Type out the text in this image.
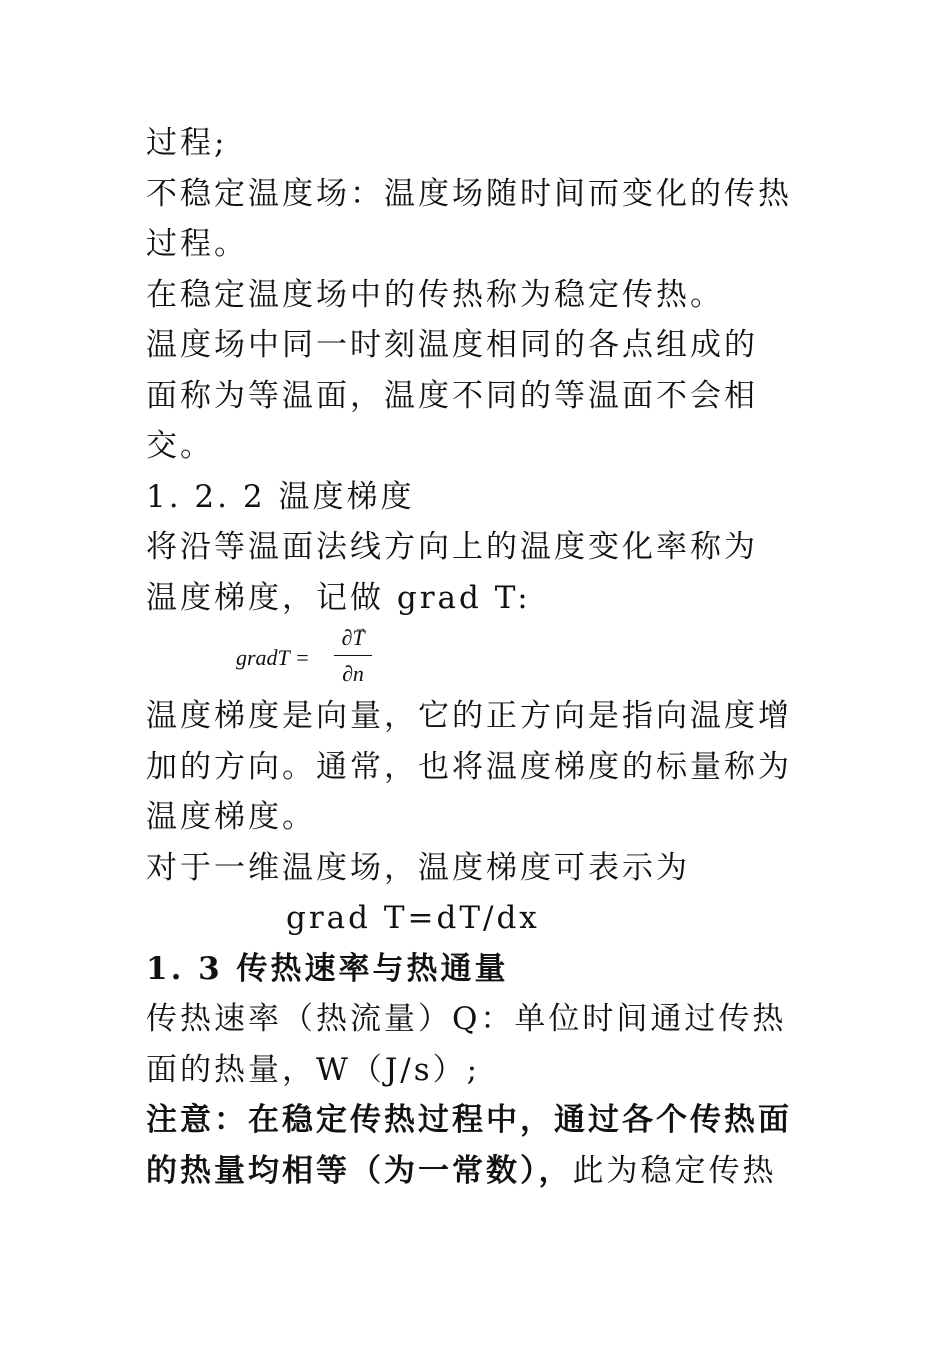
过程;
不稳定温度场：温度场随时间而变化的传热
过程。
在稳定温度场中的传热称为稳定传热。
温度场中同一时刻温度相同的各点组成的
面称为等温面，温度不同的等温面不会相
交。
1. 2. 2 温度梯度
将沿等温面法线方向上的温度变化率称为
温度梯度，记做 grad T:
gradT =
∂→ T
∂n
温度梯度是向量，它的正方向是指向温度增
加的方向。通常，也将温度梯度的标量称为
温度梯度。
对于一维温度场，温度梯度可表示为
grad T=dT/dx
1. 3 传热速率与热通量
传热速率（热流量）Q：单位时间通过传热
面的热量，W（J/s）;
注意：在稳定传热过程中，通过各个传热面
的热量均相等（为一常数），此为稳定传热
